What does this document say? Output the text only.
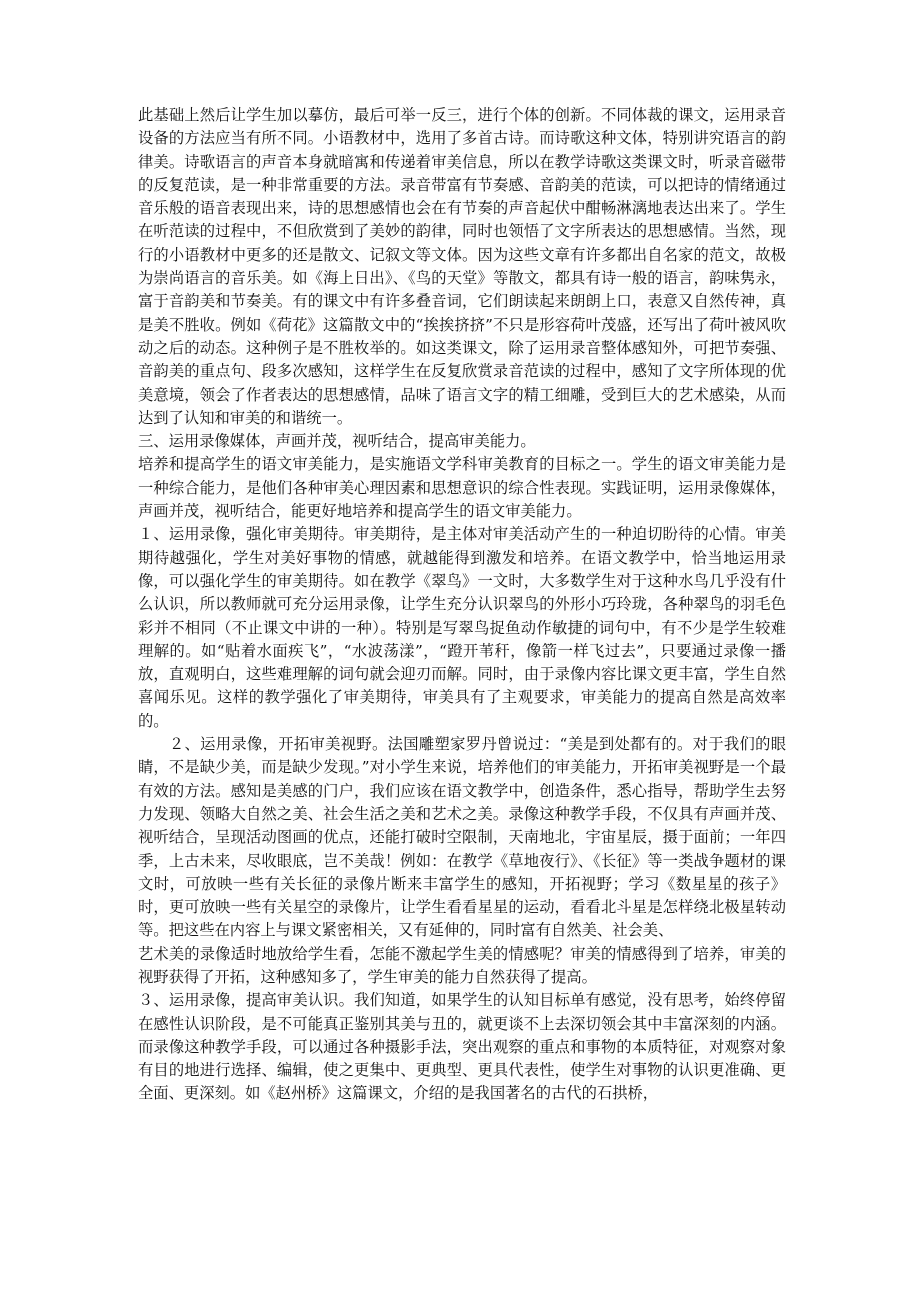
此基础上然后让学生加以摹仿，最后可举一反三，进行个体的创新。不同体裁的课文，运用录音设备的方法应当有所不同。小语教材中，选用了多首古诗。而诗歌这种文体，特别讲究语言的韵律美。诗歌语言的声音本身就暗寓和传递着审美信息，所以在教学诗歌这类课文时，听录音磁带的反复范读，是一种非常重要的方法。录音带富有节奏感、音韵美的范读，可以把诗的情绪通过音乐般的语音表现出来，诗的思想感情也会在有节奏的声音起伏中酣畅淋漓地表达出来了。学生在听范读的过程中，不但欣赏到了美妙的韵律，同时也领悟了文字所表达的思想感情。当然，现行的小语教材中更多的还是散文、记叙文等文体。因为这些文章有许多都出自名家的范文，故极为崇尚语言的音乐美。如《海上日出》、《鸟的天堂》等散文，都具有诗一般的语言，韵味隽永，富于音韵美和节奏美。有的课文中有许多叠音词，它们朗读起来朗朗上口，表意又自然传神，真是美不胜收。例如《荷花》这篇散文中的“挨挨挤挤”不只是形容荷叶茂盛，还写出了荷叶被风吹动之后的动态。这种例子是不胜枚举的。如这类课文，除了运用录音整体感知外，可把节奏强、音韵美的重点句、段多次感知，这样学生在反复欣赏录音范读的过程中，感知了文字所体现的优美意境，领会了作者表达的思想感情，品味了语言文字的精工细雕，受到巨大的艺术感染，从而达到了认知和审美的和谐统一。

三、运用录像媒体，声画并茂，视听结合，提高审美能力。

培养和提高学生的语文审美能力，是实施语文学科审美教育的目标之一。学生的语文审美能力是一种综合能力，是他们各种审美心理因素和思想意识的综合性表现。实践证明，运用录像媒体，声画并茂，视听结合，能更好地培养和提高学生的语文审美能力。

１、运用录像，强化审美期待。审美期待，是主体对审美活动产生的一种迫切盼待的心情。审美期待越强化，学生对美好事物的情感，就越能得到激发和培养。在语文教学中，恰当地运用录像，可以强化学生的审美期待。如在教学《翠鸟》一文时，大多数学生对于这种水鸟几乎没有什么认识，所以教师就可充分运用录像，让学生充分认识翠鸟的外形小巧玲珑，各种翠鸟的羽毛色彩并不相同（不止课文中讲的一种）。特别是写翠鸟捉鱼动作敏捷的词句中，有不少是学生较难理解的。如“贴着水面疾飞”，“水波荡漾”，“蹬开苇秆，像箭一样飞过去”，只要通过录像一播放，直观明白，这些难理解的词句就会迎刃而解。同时，由于录像内容比课文更丰富，学生自然喜闻乐见。这样的教学强化了审美期待，审美具有了主观要求，审美能力的提高自然是高效率的。

２、运用录像，开拓审美视野。法国雕塑家罗丹曾说过：“美是到处都有的。对于我们的眼睛，不是缺少美，而是缺少发现。”对小学生来说，培养他们的审美能力，开拓审美视野是一个最有效的方法。感知是美感的门户，我们应该在语文教学中，创造条件，悉心指导，帮助学生去努力发现、领略大自然之美、社会生活之美和艺术之美。录像这种教学手段，不仅具有声画并茂、视听结合，呈现活动图画的优点，还能打破时空限制，天南地北，宇宙星辰，摄于面前；一年四季，上古未来，尽收眼底，岂不美哉！例如：在教学《草地夜行》、《长征》等一类战争题材的课文时，可放映一些有关长征的录像片断来丰富学生的感知，开拓视野；学习《数星星的孩子》时，更可放映一些有关星空的录像片，让学生看看星星的运动，看看北斗星是怎样绕北极星转动等。把这些在内容上与课文紧密相关，又有延伸的，同时富有自然美、社会美、

艺术美的录像适时地放给学生看，怎能不激起学生美的情感呢？审美的情感得到了培养，审美的视野获得了开拓，这种感知多了，学生审美的能力自然获得了提高。

３、运用录像，提高审美认识。我们知道，如果学生的认知目标单有感觉，没有思考，始终停留在感性认识阶段，是不可能真正鉴别其美与丑的，就更谈不上去深切领会其中丰富深刻的内涵。而录像这种教学手段，可以通过各种摄影手法，突出观察的重点和事物的本质特征，对观察对象有目的地进行选择、编辑，使之更集中、更典型、更具代表性，使学生对事物的认识更准确、更全面、更深刻。如《赵州桥》这篇课文，介绍的是我国著名的古代的石拱桥，
